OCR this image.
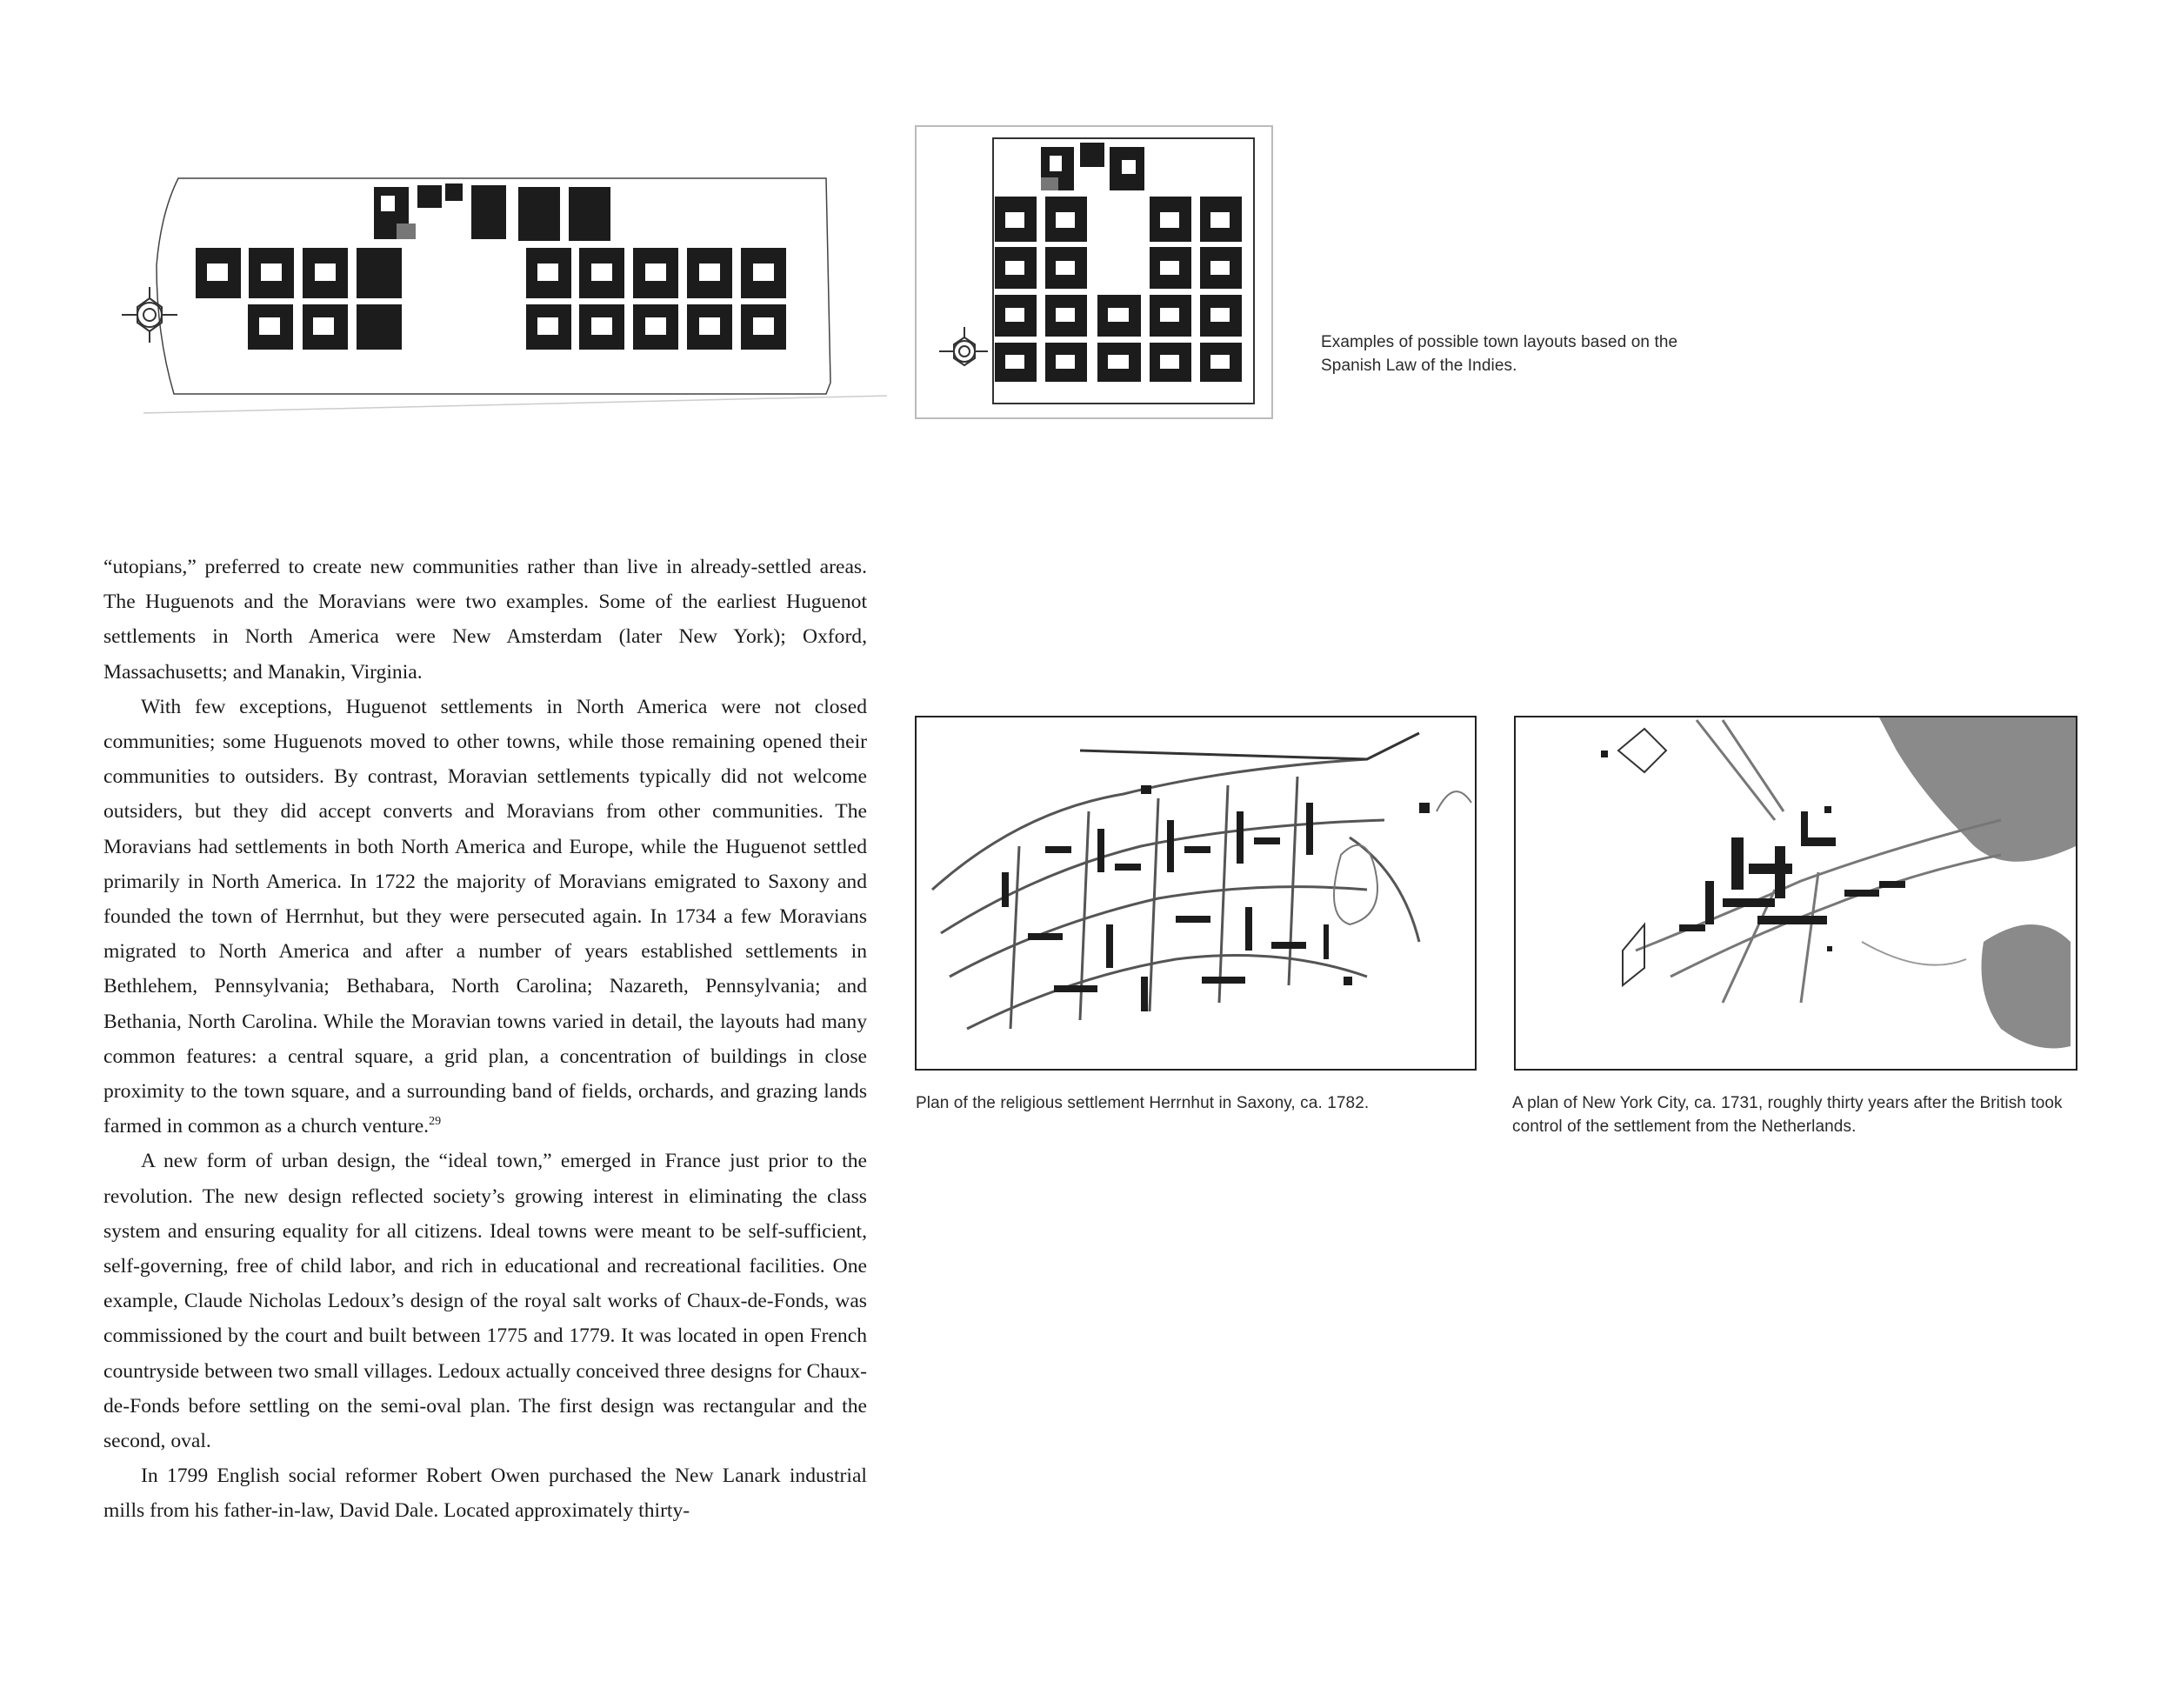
Examples of possible town layouts based on the Spanish Law of the Indies.
Plan of the religious settlement Herrnhut in Saxony, ca. 1782.	A plan of New York City, ca. 1731, roughly thirty years after the British took control of the settlement from the Netherlands.

“utopians,” preferred to create new communities rather than live in already-settled areas. The Huguenots and the Moravians were two examples. Some of the earliest Huguenot settlements in North America were New Amsterdam (later New York); Oxford, Massachusetts; and Manakin, Virginia.

With few exceptions, Huguenot settlements in North America were not closed communities; some Huguenots moved to other towns, while those remaining opened their communities to outsiders. By contrast, Moravian settlements typically did not welcome outsiders, but they did accept converts and Moravians from other communities. The Moravians had settlements in both North America and Europe, while the Huguenot settled primarily in North America. In 1722 the majority of Moravians emigrated to Saxony and founded the town of Herrnhut, but they were persecuted again. In 1734 a few Moravians migrated to North America and after a number of years established settlements in Bethlehem, Pennsylvania; Bethabara, North Carolina; Nazareth, Pennsylvania; and Bethania, North Carolina. While the Moravian towns varied in detail, the layouts had many common features: a central square, a grid plan, a concentration of buildings in close proximity to the town square, and a surrounding band of fields, orchards, and grazing lands farmed in common as a church venture.$^{29}$

A new form of urban design, the “ideal town,” emerged in France just prior to the revolution. The new design reflected society’s growing interest in eliminating the class system and ensuring equality for all citizens. Ideal towns were meant to be self-sufficient, self-governing, free of child labor, and rich in educational and recreational facilities. One example, Claude Nicholas Ledoux’s design of the royal salt works of Chaux-de-Fonds, was commissioned by the court and built between 1775 and 1779. It was located in open French countryside between two small villages. Ledoux actually conceived three designs for Chaux-de-Fonds before settling on the semi-oval plan. The first design was rectangular and the second, oval.

In 1799 English social reformer Robert Owen purchased the New Lanark industrial mills from his father-in-law, David Dale. Located approximately thirty-
